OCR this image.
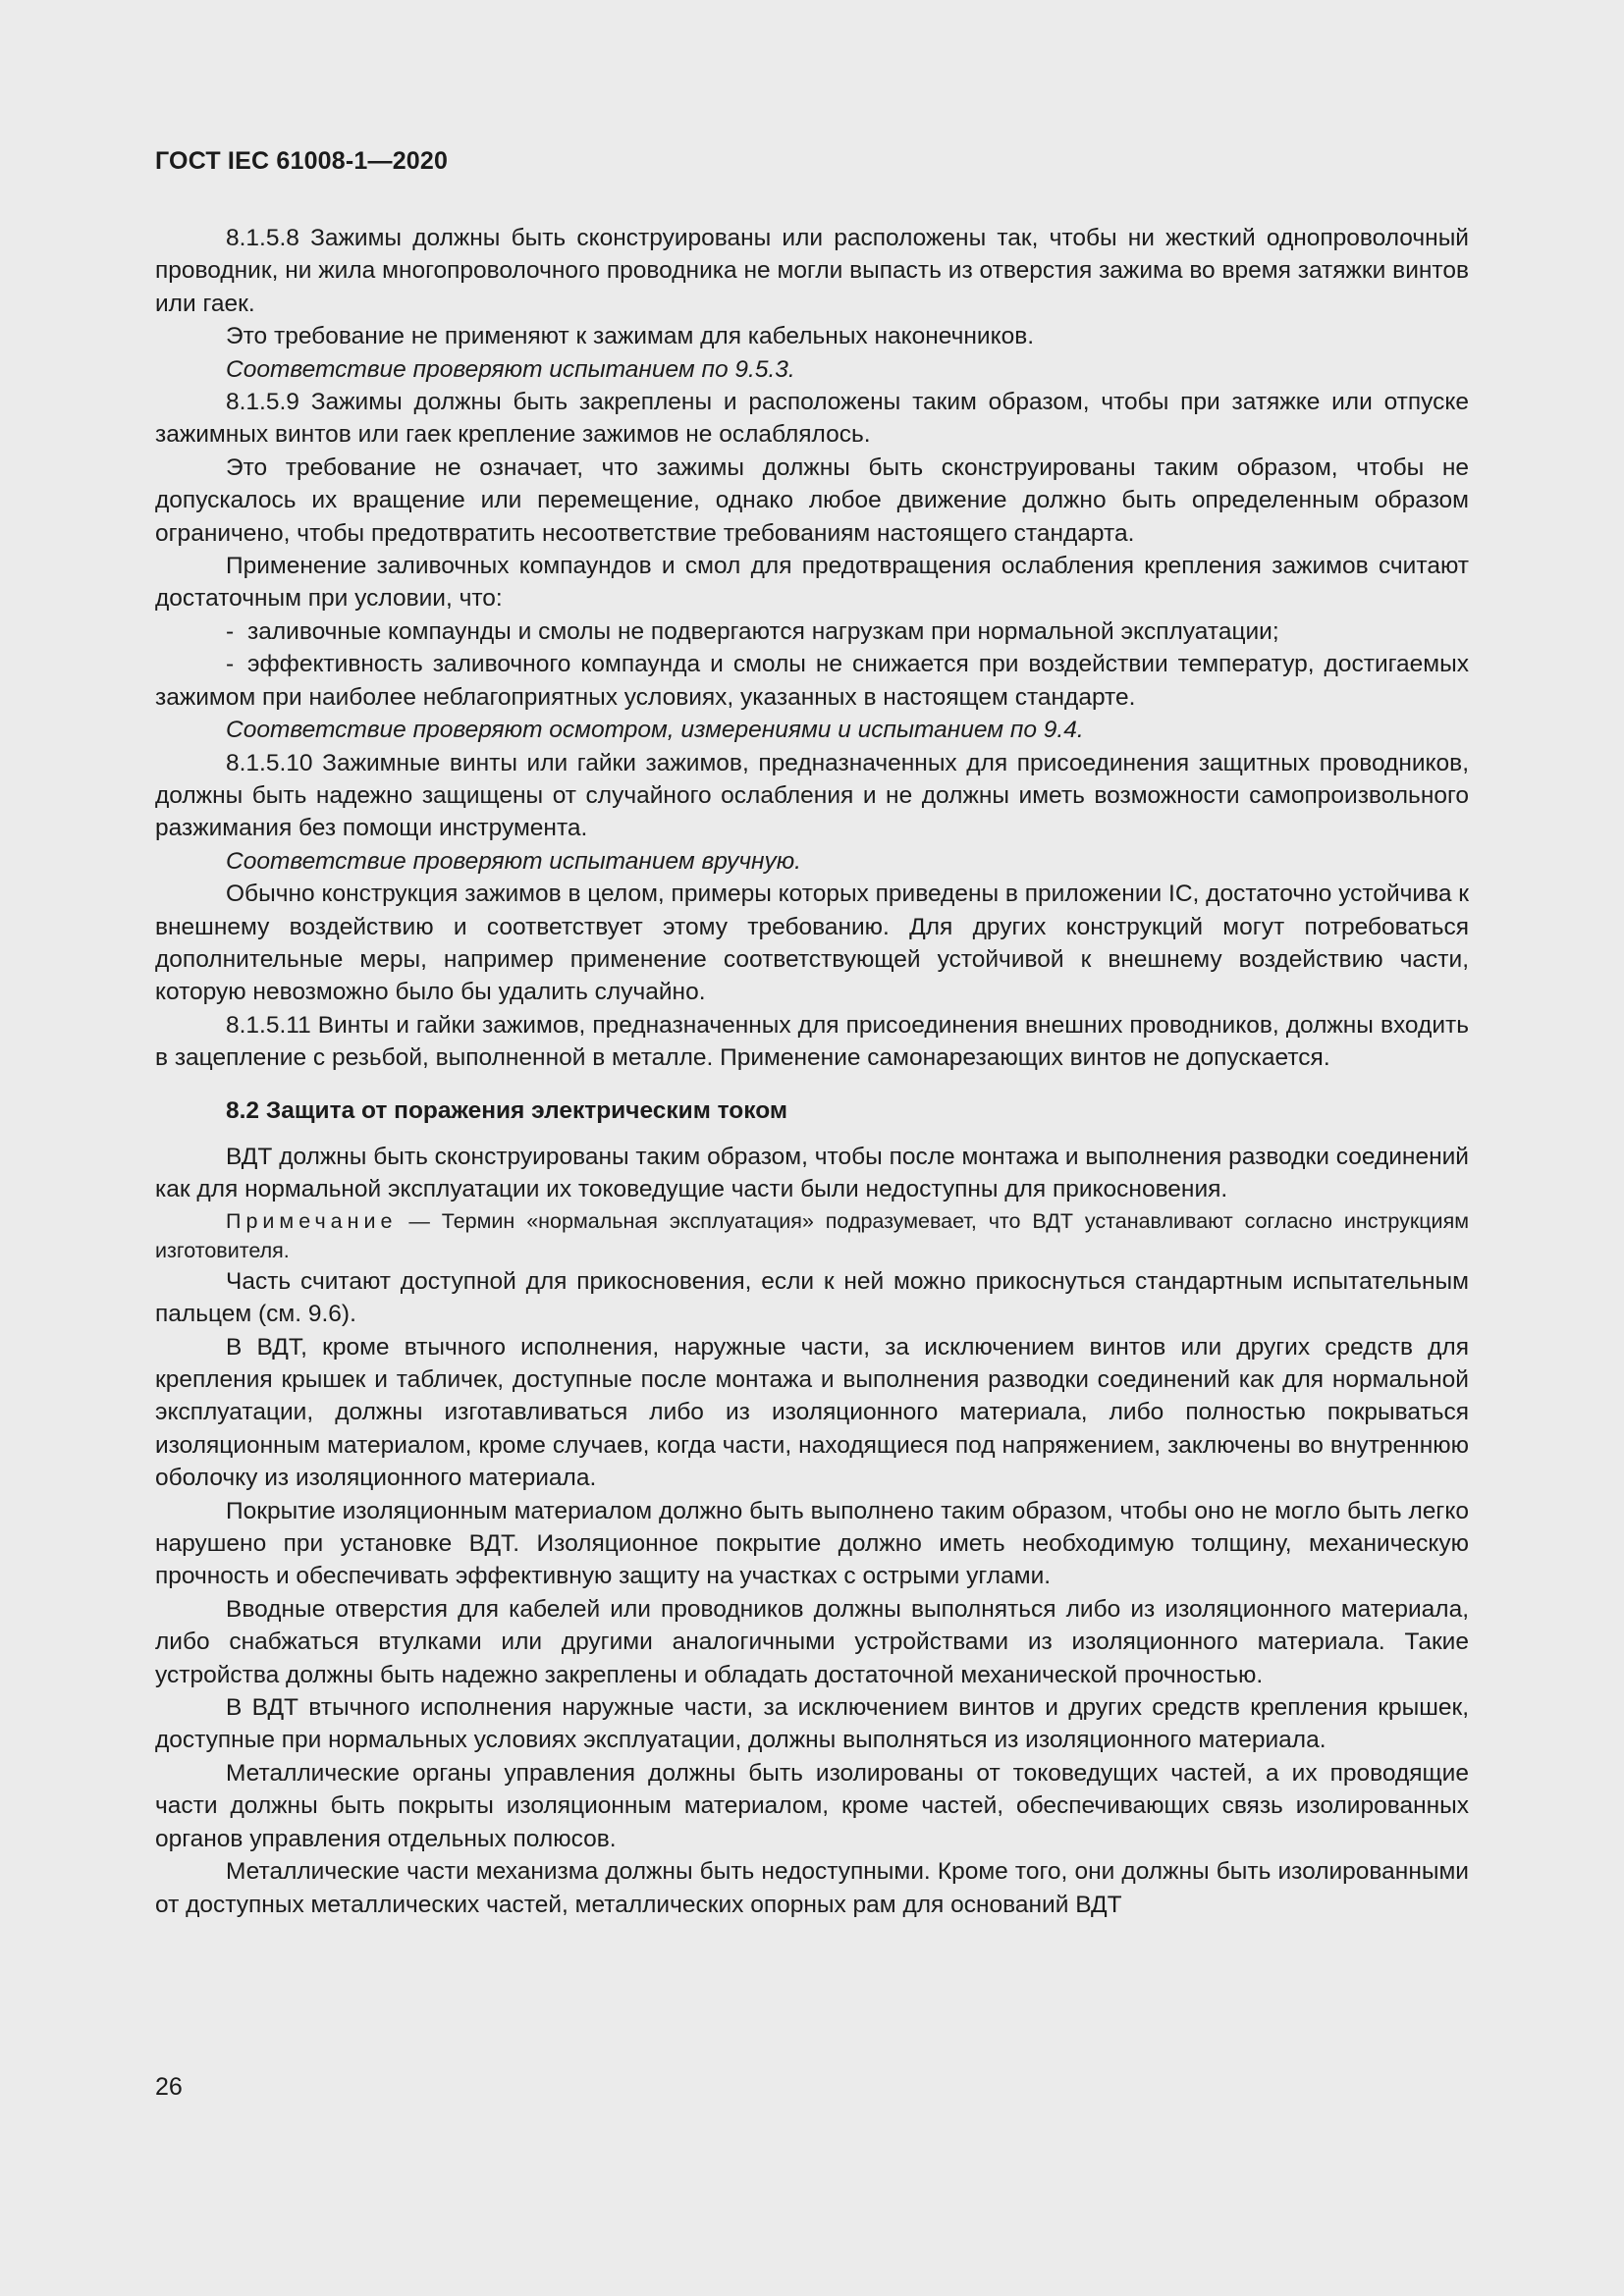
ГОСТ IEC 61008-1—2020

8.1.5.8 Зажимы должны быть сконструированы или расположены так, чтобы ни жесткий однопроволочный проводник, ни жила многопроволочного проводника не могли выпасть из отверстия зажима во время затяжки винтов или гаек.

Это требование не применяют к зажимам для кабельных наконечников.

Соответствие проверяют испытанием по 9.5.3.

8.1.5.9 Зажимы должны быть закреплены и расположены таким образом, чтобы при затяжке или отпуске зажимных винтов или гаек крепление зажимов не ослаблялось.

Это требование не означает, что зажимы должны быть сконструированы таким образом, чтобы не допускалось их вращение или перемещение, однако любое движение должно быть определенным образом ограничено, чтобы предотвратить несоответствие требованиям настоящего стандарта.

Применение заливочных компаундов и смол для предотвращения ослабления крепления зажимов считают достаточным при условии, что:

- заливочные компаунды и смолы не подвергаются нагрузкам при нормальной эксплуатации;
- эффективность заливочного компаунда и смолы не снижается при воздействии температур, достигаемых зажимом при наиболее неблагоприятных условиях, указанных в настоящем стандарте.

Соответствие проверяют осмотром, измерениями и испытанием по 9.4.

8.1.5.10 Зажимные винты или гайки зажимов, предназначенных для присоединения защитных проводников, должны быть надежно защищены от случайного ослабления и не должны иметь возможности самопроизвольного разжимания без помощи инструмента.

Соответствие проверяют испытанием вручную.

Обычно конструкция зажимов в целом, примеры которых приведены в приложении IC, достаточно устойчива к внешнему воздействию и соответствует этому требованию. Для других конструкций могут потребоваться дополнительные меры, например применение соответствующей устойчивой к внешнему воздействию части, которую невозможно было бы удалить случайно.

8.1.5.11 Винты и гайки зажимов, предназначенных для присоединения внешних проводников, должны входить в зацепление с резьбой, выполненной в металле. Применение самонарезающих винтов не допускается.

8.2 Защита от поражения электрическим током

ВДТ должны быть сконструированы таким образом, чтобы после монтажа и выполнения разводки соединений как для нормальной эксплуатации их токоведущие части были недоступны для прикосновения.

Примечание — Термин «нормальная эксплуатация» подразумевает, что ВДТ устанавливают согласно инструкциям изготовителя.

Часть считают доступной для прикосновения, если к ней можно прикоснуться стандартным испытательным пальцем (см. 9.6).

В ВДТ, кроме втычного исполнения, наружные части, за исключением винтов или других средств для крепления крышек и табличек, доступные после монтажа и выполнения разводки соединений как для нормальной эксплуатации, должны изготавливаться либо из изоляционного материала, либо полностью покрываться изоляционным материалом, кроме случаев, когда части, находящиеся под напряжением, заключены во внутреннюю оболочку из изоляционного материала.

Покрытие изоляционным материалом должно быть выполнено таким образом, чтобы оно не могло быть легко нарушено при установке ВДТ. Изоляционное покрытие должно иметь необходимую толщину, механическую прочность и обеспечивать эффективную защиту на участках с острыми углами.

Вводные отверстия для кабелей или проводников должны выполняться либо из изоляционного материала, либо снабжаться втулками или другими аналогичными устройствами из изоляционного материала. Такие устройства должны быть надежно закреплены и обладать достаточной механической прочностью.

В ВДТ втычного исполнения наружные части, за исключением винтов и других средств крепления крышек, доступные при нормальных условиях эксплуатации, должны выполняться из изоляционного материала.

Металлические органы управления должны быть изолированы от токоведущих частей, а их проводящие части должны быть покрыты изоляционным материалом, кроме частей, обеспечивающих связь изолированных органов управления отдельных полюсов.

Металлические части механизма должны быть недоступными. Кроме того, они должны быть изолированными от доступных металлических частей, металлических опорных рам для оснований ВДТ

26
